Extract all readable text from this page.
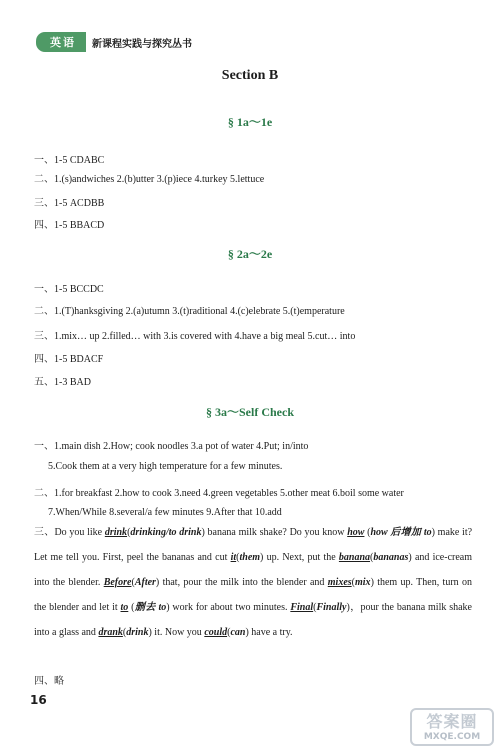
英语	新课程实践与探究丛书
Section B
§ 1a～1e
一、1-5 CDABC
二、1.(s)andwiches 2.(b)utter 3.(p)iece 4.turkey 5.lettuce
三、1-5 ACDBB
四、1-5 BBACD
§ 2a～2e
一、1-5 BCCDC
二、1.(T)hanksgiving 2.(a)utumn 3.(t)raditional 4.(c)elebrate 5.(t)emperature
三、1.mix… up 2.filled… with 3.is covered with 4.have a big meal 5.cut… into
四、1-5 BDACF
五、1-3 BAD
§ 3a～Self Check
一、1.main dish 2.How; cook noodles 3.a pot of water 4.Put; in/into
5.Cook them at a very high temperature for a few minutes.
二、1.for breakfast 2.how to cook 3.need 4.green vegetables 5.other meat 6.boil some water
7.When/While 8.several/a few minutes 9.After that 10.add
三、Do you like drink(drinking/to drink) banana milk shake? Do you know how (how 后增加 to) make it? Let me tell you. First, peel the bananas and cut it(them) up. Next, put the banana(bananas) and ice-cream into the blender. Before(After) that, pour the milk into the blender and mixes(mix) them up. Then, turn on the blender and let it to (删去 to) work for about two minutes. Final(Finally)，pour the banana milk shake into a glass and drank(drink) it. Now you could(can) have a try.
四、略
16
答案圈
MXQE.COM
